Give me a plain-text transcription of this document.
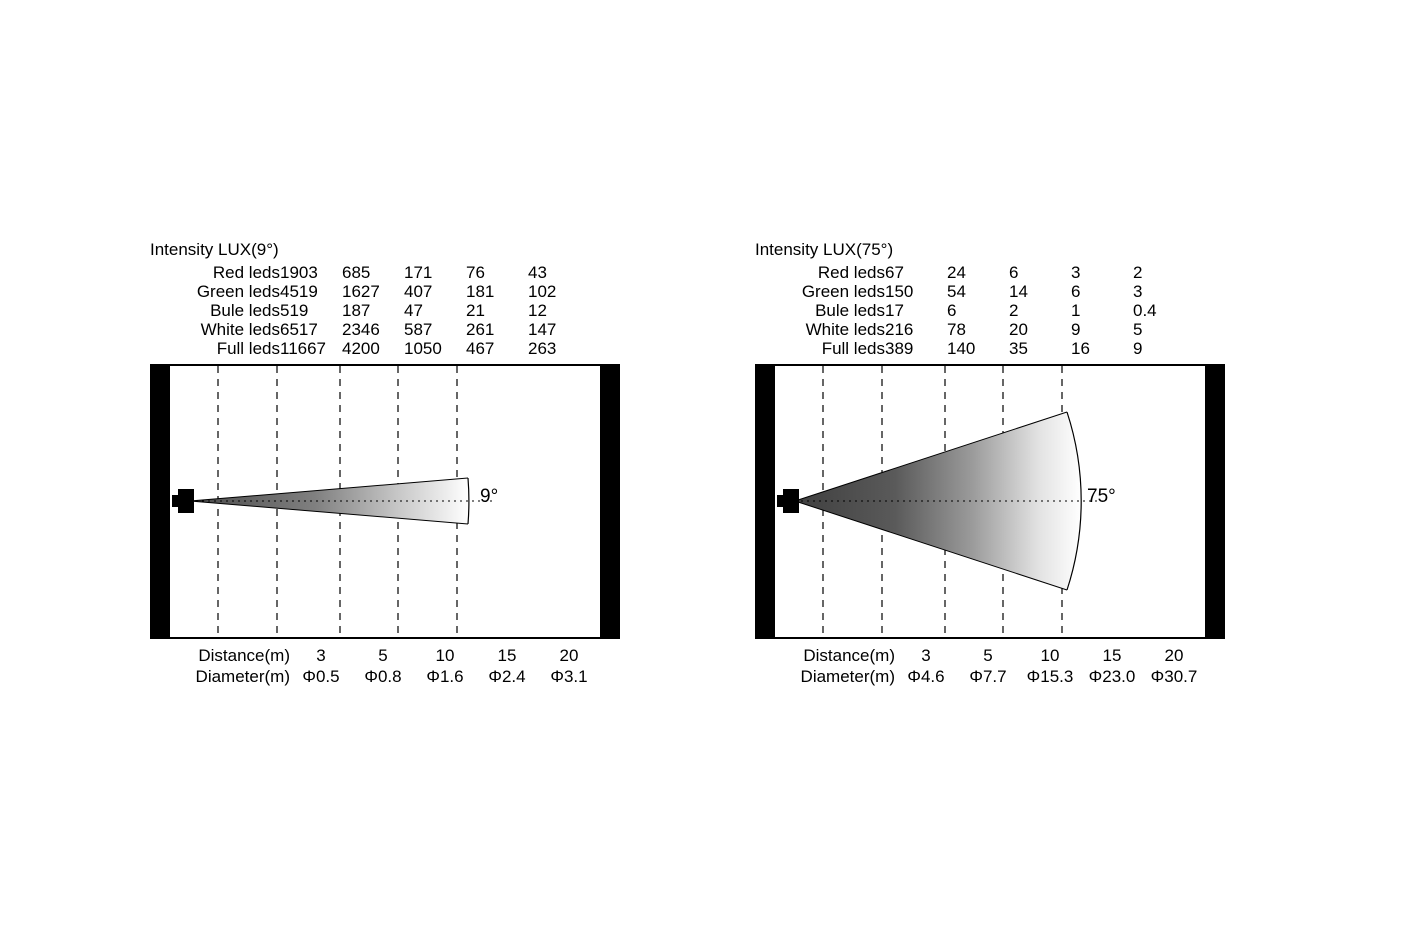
Intensity LUX(9°)
Red leds	1903	685	171	76	43
Green leds	4519	1627	407	181	102
Bule leds	519	187	47	21	12
White leds	6517	2346	587	261	147
Full leds	11667	4200	1050	467	263
9°
Distance(m)	3	5	10	15	20
Diameter(m)	Φ0.5	Φ0.8	Φ1.6	Φ2.4	Φ3.1
Intensity LUX(75°)
Red leds	67	24	6	3	2
Green leds	150	54	14	6	3
Bule leds	17	6	2	1	0.4
White leds	216	78	20	9	5
Full leds	389	140	35	16	9
75°
Distance(m)	3	5	10	15	20
Diameter(m)	Φ4.6	Φ7.7	Φ15.3	Φ23.0	Φ30.7
